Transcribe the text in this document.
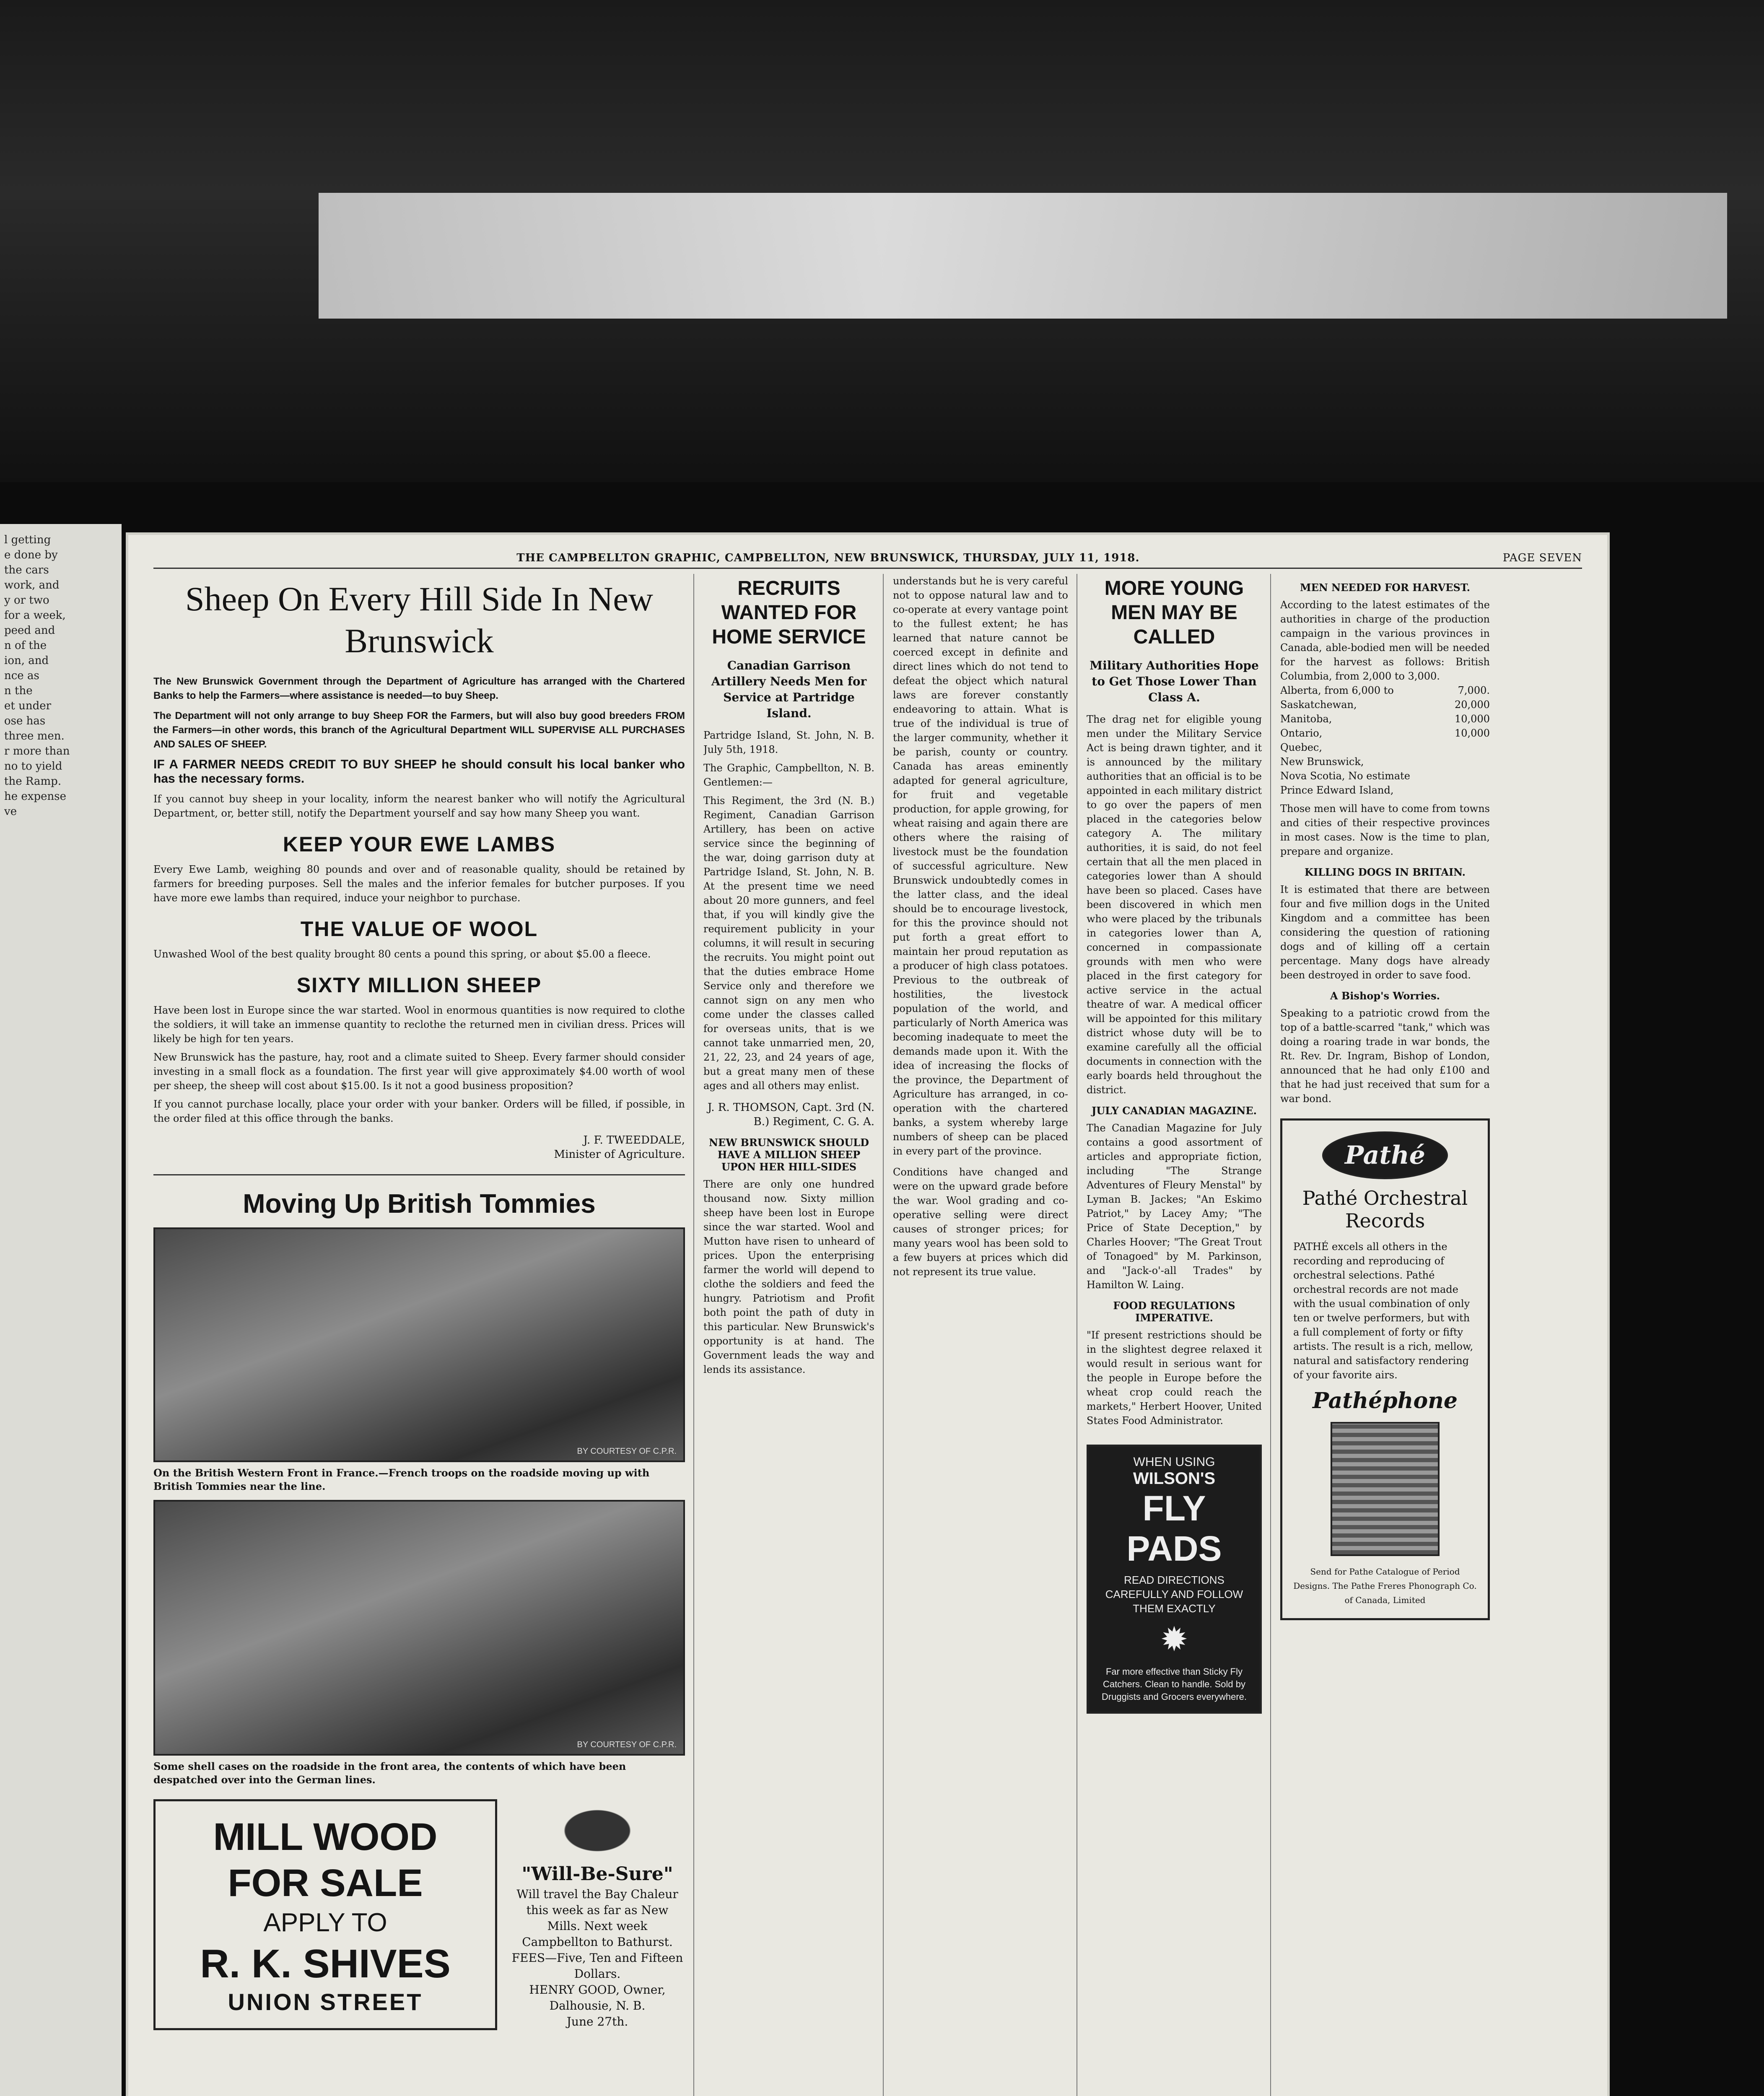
l getting

e done by

the cars

work, and

y or two

for a week,

peed and

n of the

ion, and

nce as

n the

et under

ose has

three men.

r more than

no to yield

the Ramp.

he expense

ve

THE CAMPBELLTON GRAPHIC, CAMPBELLTON, NEW BRUNSWICK, THURSDAY, JULY 11, 1918.	PAGE SEVEN
Sheep On Every Hill Side In New Brunswick

The New Brunswick Government through the Department of Agriculture has arranged with the Chartered Banks to help the Farmers—where assistance is needed—to buy Sheep.

The Department will not only arrange to buy Sheep FOR the Farmers, but will also buy good breeders FROM the Farmers—in other words, this branch of the Agricultural Department WILL SUPERVISE ALL PURCHASES AND SALES OF SHEEP.

IF A FARMER NEEDS CREDIT TO BUY SHEEP he should consult his local banker who has the necessary forms.

If you cannot buy sheep in your locality, inform the nearest banker who will notify the Agricultural Department, or, better still, notify the Department yourself and say how many Sheep you want.

KEEP YOUR EWE LAMBS

Every Ewe Lamb, weighing 80 pounds and over and of reasonable quality, should be retained by farmers for breeding purposes. Sell the males and the inferior females for butcher purposes. If you have more ewe lambs than required, induce your neighbor to purchase.

THE VALUE OF WOOL

Unwashed Wool of the best quality brought 80 cents a pound this spring, or about $5.00 a fleece.

SIXTY MILLION SHEEP

Have been lost in Europe since the war started. Wool in enormous quantities is now required to clothe the soldiers, it will take an immense quantity to reclothe the returned men in civilian dress. Prices will likely be high for ten years.

New Brunswick has the pasture, hay, root and a climate suited to Sheep. Every farmer should consider investing in a small flock as a foundation. The first year will give approximately $4.00 worth of wool per sheep, the sheep will cost about $15.00. Is it not a good business proposition?

If you cannot purchase locally, place your order with your banker. Orders will be filled, if possible, in the order filed at this office through the banks.

J. F. TWEEDDALE,
Minister of Agriculture.
Moving Up British Tommies
BY COURTESY OF C.P.R.

On the British Western Front in France.—French troops on the roadside moving up with British Tommies near the line.

BY COURTESY OF C.P.R.

Some shell cases on the roadside in the front area, the contents of which have been despatched over into the German lines.

MILL WOOD
FOR SALE
APPLY TO
R. K. SHIVES
UNION STREET
"Will-Be-Sure"

Will travel the Bay Chaleur this week as far as New Mills. Next week Campbellton to Bathurst.

FEES—Five, Ten and Fifteen Dollars.

HENRY GOOD, Owner,

Dalhousie, N. B.

June 27th.

RECRUITS WANTED FOR HOME SERVICE
Canadian Garrison Artillery Needs Men for Service at Partridge Island.

Partridge Island, St. John, N. B. July 5th, 1918.

The Graphic, Campbellton, N. B. Gentlemen:—

This Regiment, the 3rd (N. B.) Regiment, Canadian Garrison Artillery, has been on active service since the beginning of the war, doing garrison duty at Partridge Island, St. John, N. B. At the present time we need about 20 more gunners, and feel that, if you will kindly give the requirement publicity in your columns, it will result in securing the recruits. You might point out that the duties embrace Home Service only and therefore we cannot sign on any men who come under the classes called for overseas units, that is we cannot take unmarried men, 20, 21, 22, 23, and 24 years of age, but a great many men of these ages and all others may enlist.

J. R. THOMSON, Capt. 3rd (N. B.) Regiment, C. G. A.

NEW BRUNSWICK SHOULD HAVE A MILLION SHEEP UPON HER HILL-SIDES

There are only one hundred thousand now. Sixty million sheep have been lost in Europe since the war started. Wool and Mutton have risen to unheard of prices. Upon the enterprising farmer the world will depend to clothe the soldiers and feed the hungry. Patriotism and Profit both point the path of duty in this particular. New Brunswick's opportunity is at hand. The Government leads the way and lends its assistance.

understands but he is very careful not to oppose natural law and to co-operate at every vantage point to the fullest extent; he has learned that nature cannot be coerced except in definite and direct lines which do not tend to defeat the object which natural laws are forever constantly endeavoring to attain. What is true of the individual is true of the larger community, whether it be parish, county or country. Canada has areas eminently adapted for general agriculture, for fruit and vegetable production, for apple growing, for wheat raising and again there are others where the raising of livestock must be the foundation of successful agriculture. New Brunswick undoubtedly comes in the latter class, and the ideal should be to encourage livestock, for this the province should not put forth a great effort to maintain her proud reputation as a producer of high class potatoes. Previous to the outbreak of hostilities, the livestock population of the world, and particularly of North America was becoming inadequate to meet the demands made upon it. With the idea of increasing the flocks of the province, the Department of Agriculture has arranged, in co-operation with the chartered banks, a system whereby large numbers of sheep can be placed in every part of the province.

Conditions have changed and were on the upward grade before the war. Wool grading and co-operative selling were direct causes of stronger prices; for many years wool has been sold to a few buyers at prices which did not represent its true value.

MORE YOUNG MEN MAY BE CALLED
Military Authorities Hope to Get Those Lower Than Class A.

The drag net for eligible young men under the Military Service Act is being drawn tighter, and it is announced by the military authorities that an official is to be appointed in each military district to go over the papers of men placed in the categories below category A. The military authorities, it is said, do not feel certain that all the men placed in categories lower than A should have been so placed. Cases have been discovered in which men who were placed by the tribunals in categories lower than A, concerned in compassionate grounds with men who were placed in the first category for active service in the actual theatre of war. A medical officer will be appointed for this military district whose duty will be to examine carefully all the official documents in connection with the early boards held throughout the district.

JULY CANADIAN MAGAZINE.

The Canadian Magazine for July contains a good assortment of articles and appropriate fiction, including "The Strange Adventures of Fleury Menstal" by Lyman B. Jackes; "An Eskimo Patriot," by Lacey Amy; "The Price of State Deception," by Charles Hoover; "The Great Trout of Tonagoed" by M. Parkinson, and "Jack-o'-all Trades" by Hamilton W. Laing.

FOOD REGULATIONS IMPERATIVE.

"If present restrictions should be in the slightest degree relaxed it would result in serious want for the people in Europe before the wheat crop could reach the markets," Herbert Hoover, United States Food Administrator.

WHEN USING
WILSON'S
FLY PADS
READ DIRECTIONS CAREFULLY AND FOLLOW THEM EXACTLY
✹
Far more effective than Sticky Fly Catchers. Clean to handle. Sold by Druggists and Grocers everywhere.
MEN NEEDED FOR HARVEST.

According to the latest estimates of the authorities in charge of the production campaign in the various provinces in Canada, able-bodied men will be needed for the harvest as follows: British Columbia, from 2,000 to 3,000.

Alberta, from 6,000 to	7,000.
Saskatchewan,	20,000
Manitoba,	10,000
Ontario,	10,000
Quebec,
New Brunswick,
Nova Scotia, No estimate
Prince Edward Island,

Those men will have to come from towns and cities of their respective provinces in most cases. Now is the time to plan, prepare and organize.

KILLING DOGS IN BRITAIN.

It is estimated that there are between four and five million dogs in the United Kingdom and a committee has been considering the question of rationing dogs and of killing off a certain percentage. Many dogs have already been destroyed in order to save food.

A Bishop's Worries.

Speaking to a patriotic crowd from the top of a battle-scarred "tank," which was doing a roaring trade in war bonds, the Rt. Rev. Dr. Ingram, Bishop of London, announced that he had only £100 and that he had just received that sum for a war bond.

Pathé
Pathé Orchestral Records

PATHÉ excels all others in the recording and reproducing of orchestral selections. Pathé orchestral records are not made with the usual combination of only ten or twelve performers, but with a full complement of forty or fifty artists. The result is a rich, mellow, natural and satisfactory rendering of your favorite airs.

Pathéphone

Send for Pathe Catalogue of Period Designs. The Pathe Freres Phonograph Co. of Canada, Limited
